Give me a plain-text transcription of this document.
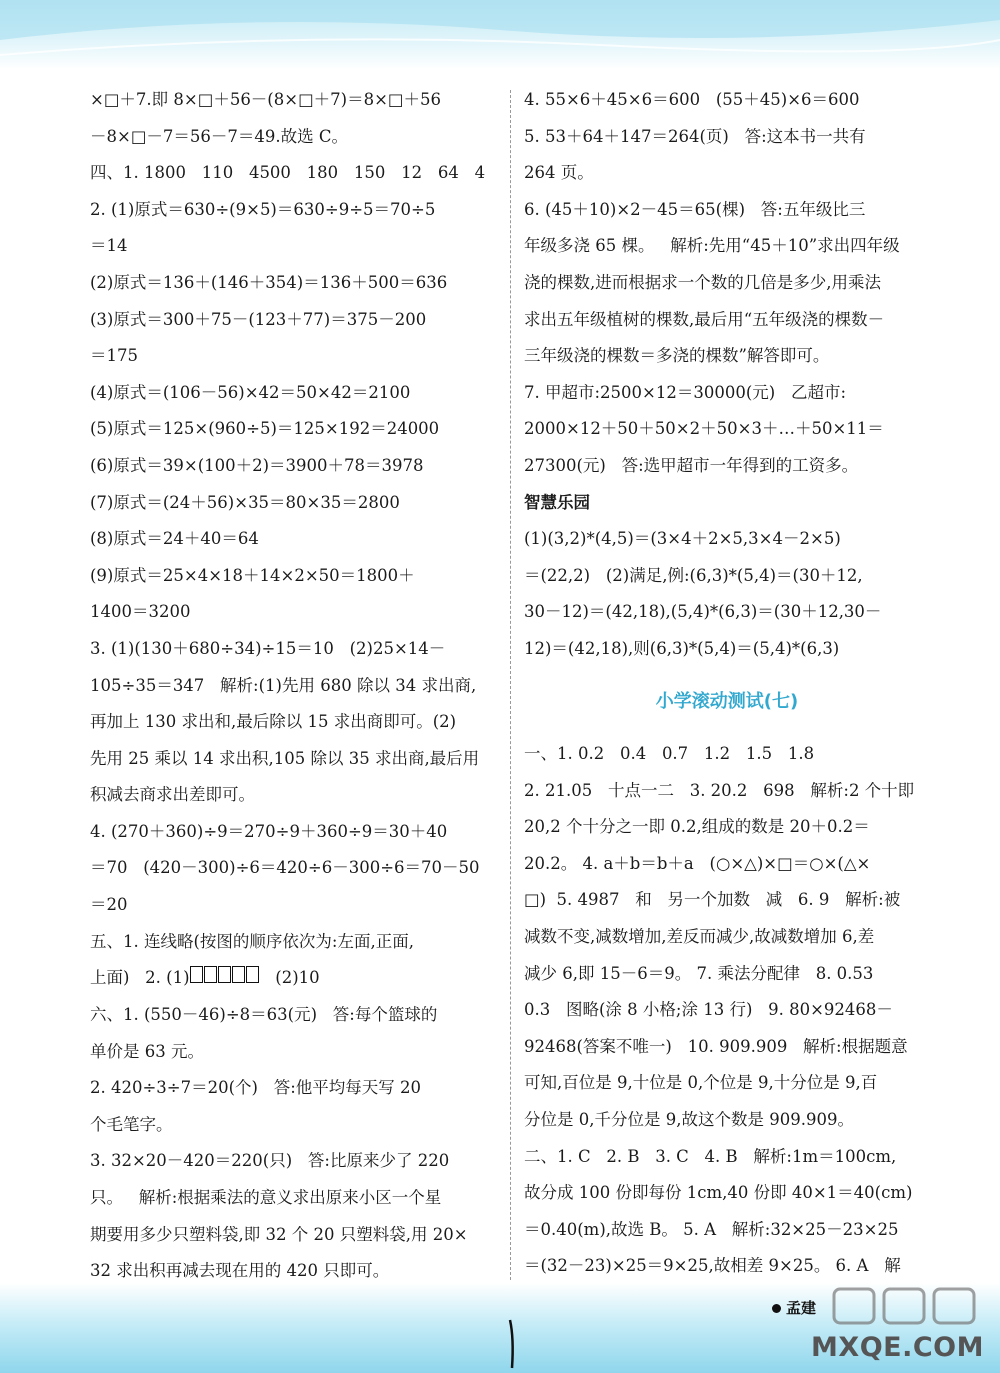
×□＋7.即 8×□＋56－(8×□＋7)＝8×□＋56

－8×□－7＝56－7＝49.故选 C。

四、1. 1800   110   4500   180   150   12   64   4

2. (1)原式＝630÷(9×5)＝630÷9÷5＝70÷5

＝14

(2)原式＝136＋(146＋354)＝136＋500＝636

(3)原式＝300＋75－(123＋77)＝375－200

＝175

(4)原式＝(106－56)×42＝50×42＝2100

(5)原式＝125×(960÷5)＝125×192＝24000

(6)原式＝39×(100＋2)＝3900＋78＝3978

(7)原式＝(24＋56)×35＝80×35＝2800

(8)原式＝24＋40＝64

(9)原式＝25×4×18＋14×2×50＝1800＋

1400＝3200

3. (1)(130＋680÷34)÷15＝10   (2)25×14－

105÷35＝347   解析:(1)先用 680 除以 34 求出商,

再加上 130 求出和,最后除以 15 求出商即可。(2)

先用 25 乘以 14 求出积,105 除以 35 求出商,最后用

积减去商求出差即可。

4. (270＋360)÷9＝270÷9＋360÷9＝30＋40

＝70   (420－300)÷6＝420÷6－300÷6＝70－50

＝20

五、1. 连线略(按图的顺序依次为:左面,正面,

上面)   2. (1)	(2)10

六、1. (550－46)÷8＝63(元)   答:每个篮球的

单价是 63 元。

2. 420÷3÷7＝20(个)   答:他平均每天写 20

个毛笔字。

3. 32×20－420＝220(只)   答:比原来少了 220

只。   解析:根据乘法的意义求出原来小区一个星

期要用多少只塑料袋,即 32 个 20 只塑料袋,用 20×

32 求出积再减去现在用的 420 只即可。

4. 55×6＋45×6＝600   (55＋45)×6＝600

5. 53＋64＋147＝264(页)   答:这本书一共有

264 页。

6. (45＋10)×2－45＝65(棵)   答:五年级比三

年级多浇 65 棵。   解析:先用“45＋10”求出四年级

浇的棵数,进而根据求一个数的几倍是多少,用乘法

求出五年级植树的棵数,最后用“五年级浇的棵数－

三年级浇的棵数＝多浇的棵数”解答即可。

7. 甲超市:2500×12＝30000(元)   乙超市:

2000×12＋50＋50×2＋50×3＋…＋50×11＝

27300(元)   答:选甲超市一年得到的工资多。

智慧乐园

(1)(3,2)*(4,5)＝(3×4＋2×5,3×4－2×5)

＝(22,2)   (2)满足,例:(6,3)*(5,4)＝(30＋12,

30－12)＝(42,18),(5,4)*(6,3)＝(30＋12,30－

12)＝(42,18),则(6,3)*(5,4)＝(5,4)*(6,3)

小学滚动测试(七)

一、1. 0.2   0.4   0.7   1.2   1.5   1.8

2. 21.05   十点一二   3. 20.2   698   解析:2 个十即

20,2 个十分之一即 0.2,组成的数是 20＋0.2＝

20.2。 4. a＋b＝b＋a   (○×△)×□＝○×(△×

□)  5. 4987   和   另一个加数   减   6. 9   解析:被

减数不变,减数增加,差反而减少,故减数增加 6,差

减少 6,即 15－6＝9。 7. 乘法分配律   8. 0.53

0.3   图略(涂 8 小格;涂 13 行)   9. 80×92468－

92468(答案不唯一)   10. 909.909   解析:根据题意

可知,百位是 9,十位是 0,个位是 9,十分位是 9,百

分位是 0,千分位是 9,故这个数是 909.909。

二、1. C   2. B   3. C   4. B   解析:1m＝100cm,

故分成 100 份即每份 1cm,40 份即 40×1＝40(cm)

＝0.40(m),故选 B。 5. A   解析:32×25－23×25

＝(32－23)×25＝9×25,故相差 9×25。 6. A   解

孟建
MXQE.COM
